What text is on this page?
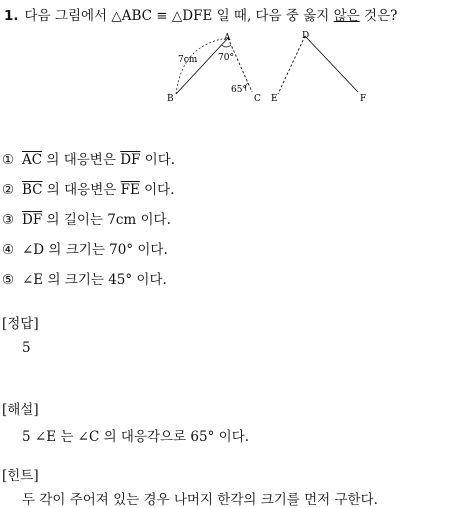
1. 다음 그림에서 △ABC ≡ △DFE 일 때, 다음 중 옳지 않은 것은?
A
B	C
7cm 70°
65°
D
E	F
① $\overline{AC}$ 의 대응변은 $\overline{DF}$ 이다.
② $\overline{BC}$ 의 대응변은 $\overline{FE}$ 이다.
③ $\overline{DF}$ 의 길이는 7cm 이다.
④ ∠D 의 크기는 70° 이다.
⑤ ∠E 의 크기는 45° 이다.
[정답]
5
[해설]
5 ∠E 는 ∠C 의 대응각으로 65° 이다.
[힌트]
두 각이 주어져 있는 경우 나머지 한각의 크기를 먼저 구한다.
